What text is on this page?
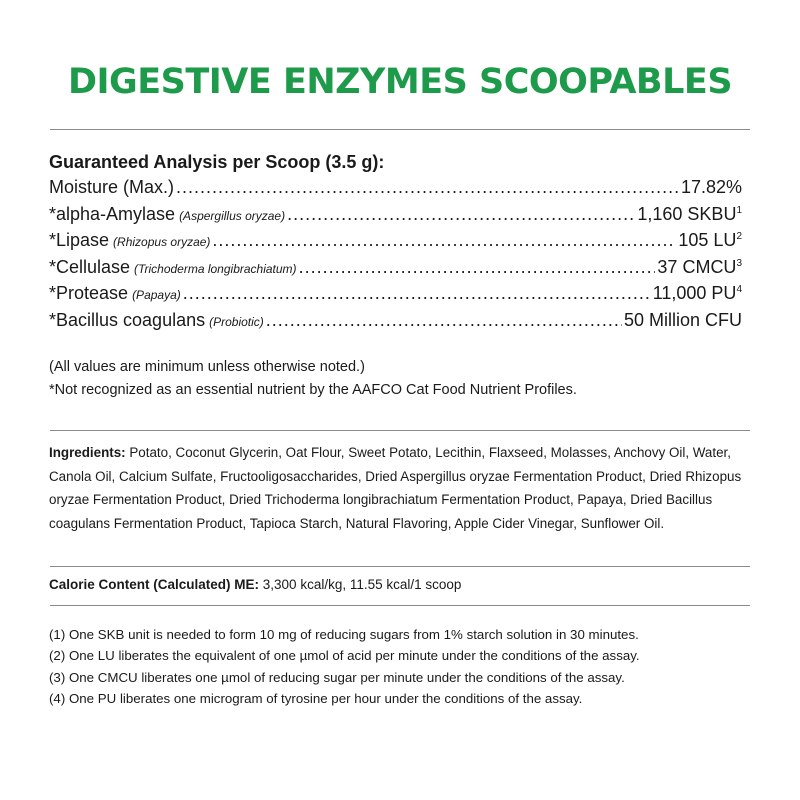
DIGESTIVE ENZYMES SCOOPABLES
Guaranteed Analysis per Scoop (3.5 g):
Moisture (Max.) .....	17.82%
*alpha-Amylase (Aspergillus oryzae) .....	1,160 SKBU$^1$
*Lipase (Rhizopus oryzae) .....	105 $LU^2$
*Cellulase (Trichoderma longibrachiatum) .....	37 CMCU$^3$
*Protease (Papaya) .....	11,000 $PU^4$
*Bacillus coagulans (Probiotic) .....	50 Million CFU

(All values are minimum unless otherwise noted.)

*Not recognized as an essential nutrient by the AAFCO Cat Food Nutrient Profiles.

Ingredients: Potato, Coconut Glycerin, Oat Flour, Sweet Potato, Lecithin, Flaxseed, Molasses, Anchovy Oil, Water, Canola Oil, Calcium Sulfate, Fructooligosaccharides, Dried Aspergillus oryzae Fermentation Product, Dried Rhizopus oryzae Fermentation Product, Dried Trichoderma longibrachiatum Fermentation Product, Papaya, Dried Bacillus coagulans Fermentation Product, Tapioca Starch, Natural Flavoring, Apple Cider Vinegar, Sunflower Oil.

Calorie Content (Calculated) ME: 3,300 kcal/kg, 11.55 kcal/1 scoop

(1) One SKB unit is needed to form 10 mg of reducing sugars from 1% starch solution in 30 minutes.
(2) One LU liberates the equivalent of one µmol of acid per minute under the conditions of the assay.
(3) One CMCU liberates one µmol of reducing sugar per minute under the conditions of the assay.
(4) One PU liberates one microgram of tyrosine per hour under the conditions of the assay.
